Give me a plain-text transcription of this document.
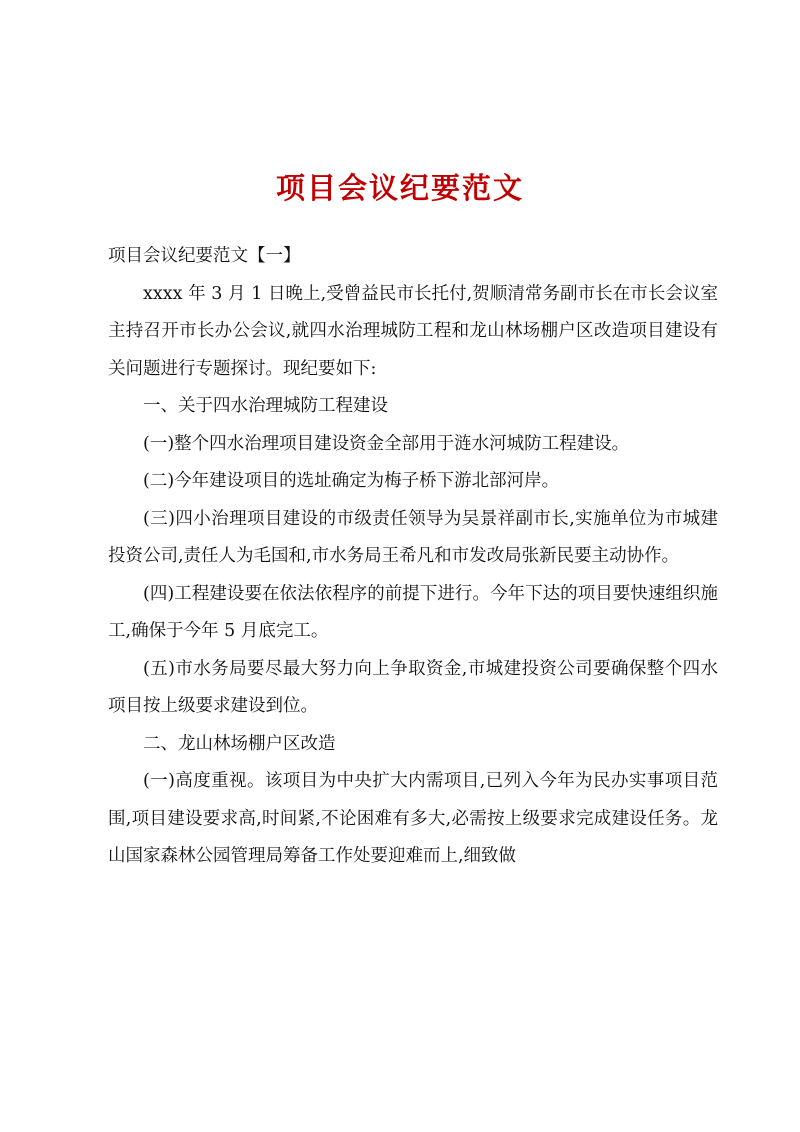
项目会议纪要范文

项目会议纪要范文【一】

xxxx 年 3 月 1 日晚上,受曾益民市长托付,贺顺清常务副市长在市长会议室主持召开市长办公会议,就四水治理城防工程和龙山林场棚户区改造项目建设有关问题进行专题探讨。现纪要如下:

一、关于四水治理城防工程建设

(一)整个四水治理项目建设资金全部用于涟水河城防工程建设。

(二)今年建设项目的选址确定为梅子桥下游北部河岸。

(三)四小治理项目建设的市级责任领导为吴景祥副市长,实施单位为市城建投资公司,责任人为毛国和,市水务局王希凡和市发改局张新民要主动协作。

(四)工程建设要在依法依程序的前提下进行。今年下达的项目要快速组织施工,确保于今年 5 月底完工。

(五)市水务局要尽最大努力向上争取资金,市城建投资公司要确保整个四水项目按上级要求建设到位。

二、龙山林场棚户区改造

(一)高度重视。该项目为中央扩大内需项目,已列入今年为民办实事项目范围,项目建设要求高,时间紧,不论困难有多大,必需按上级要求完成建设任务。龙山国家森林公园管理局筹备工作处要迎难而上,细致做
